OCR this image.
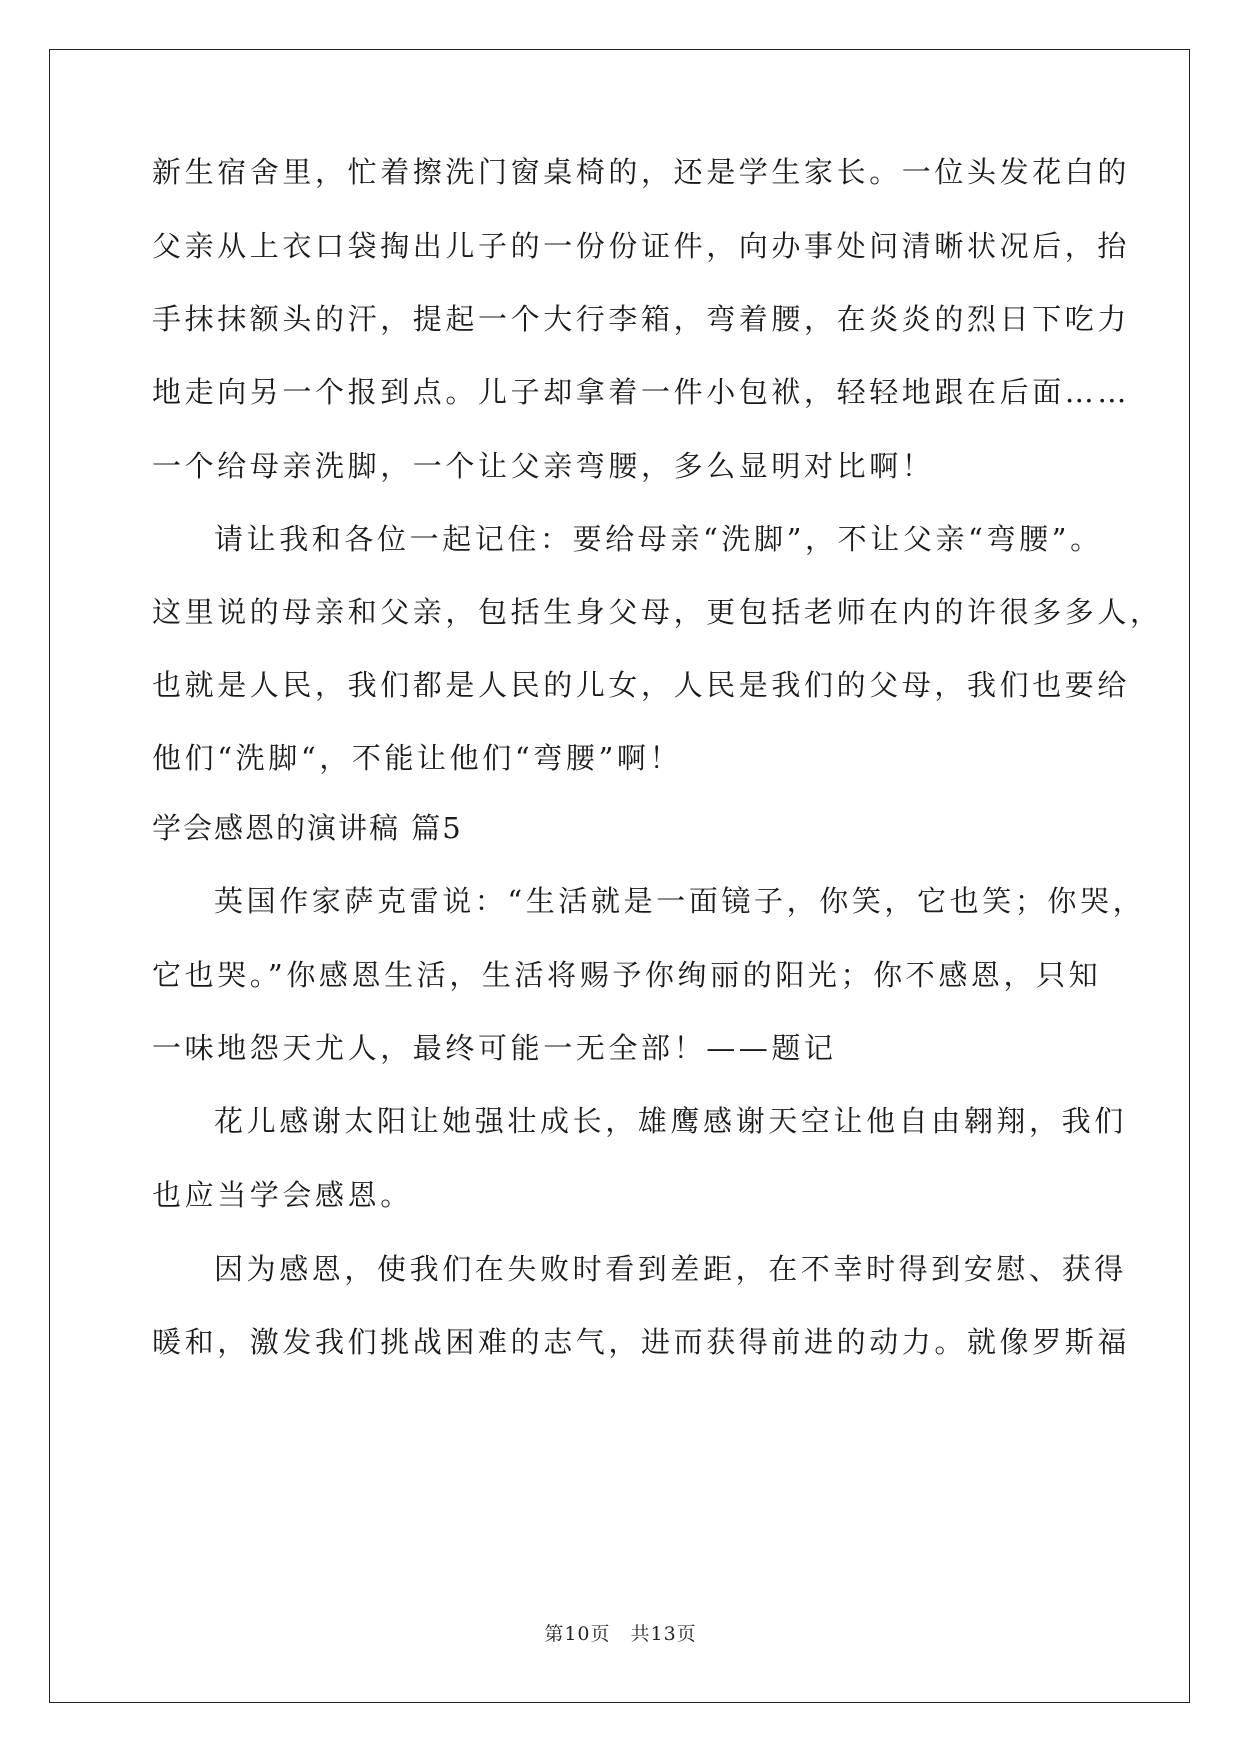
新生宿舍里，忙着擦洗门窗桌椅的，还是学生家长。一位头发花白的
父亲从上衣口袋掏出儿子的一份份证件，向办事处问清晰状况后，抬
手抹抹额头的汗，提起一个大行李箱，弯着腰，在炎炎的烈日下吃力
地走向另一个报到点。儿子却拿着一件小包袱，轻轻地跟在后面……
一个给母亲洗脚，一个让父亲弯腰，多么显明对比啊！
请让我和各位一起记住：要给母亲“洗脚”，不让父亲“弯腰”。
这里说的母亲和父亲，包括生身父母，更包括老师在内的许很多多人，
也就是人民，我们都是人民的儿女，人民是我们的父母，我们也要给
他们“洗脚“，不能让他们“弯腰”啊！
学会感恩的演讲稿 篇5
英国作家萨克雷说：“生活就是一面镜子，你笑，它也笑；你哭，
它也哭。”你感恩生活，生活将赐予你绚丽的阳光；你不感恩，只知
一味地怨天尤人，最终可能一无全部！——题记
花儿感谢太阳让她强壮成长，雄鹰感谢天空让他自由翱翔，我们
也应当学会感恩。
因为感恩，使我们在失败时看到差距，在不幸时得到安慰、获得
暖和，激发我们挑战困难的志气，进而获得前进的动力。就像罗斯福
第10页　共13页
